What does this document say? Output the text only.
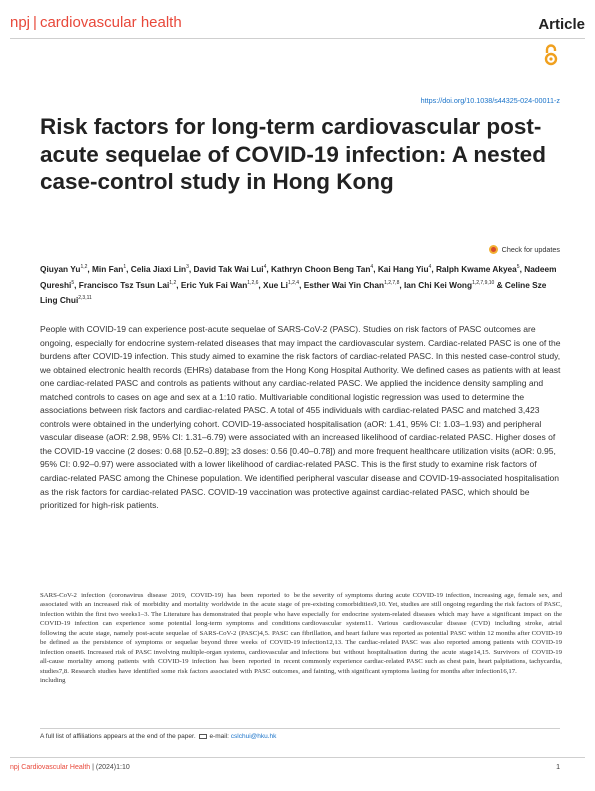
npj | cardiovascular health	Article
https://doi.org/10.1038/s44325-024-00011-z
Risk factors for long-term cardiovascular post-acute sequelae of COVID-19 infection: A nested case-control study in Hong Kong
Check for updates
Qiuyan Yu$^{1,2}$, Min Fan$^1$, Celia Jiaxi Lin$^3$, David Tak Wai Lui$^4$, Kathryn Choon Beng Tan$^4$, Kai Hang Yiu$^4$, Ralph Kwame Akyea$^5$, Nadeem Qureshi$^5$, Francisco Tsz Tsun Lai$^{1,2}$, Eric Yuk Fai Wan$^{1,2,6}$, Xue Li$^{1,2,4}$, Esther Wai Yin Chan$^{1,2,7,8}$, Ian Chi Kei Wong$^{1,2,7,9,10}$ & Celine Sze Ling Chui$^{2,3,11}$

People with COVID-19 can experience post-acute sequelae of SARS-CoV-2 (PASC). Studies on risk factors of PASC outcomes are ongoing, especially for endocrine system-related diseases that may impact the cardiovascular system. Cardiac-related PASC is one of the burdens after COVID-19 infection. This study aimed to examine the risk factors of cardiac-related PASC. In this nested case-control study, we obtained electronic health records (EHRs) database from the Hong Kong Hospital Authority. We defined cases as patients with at least one cardiac-related PASC and controls as patients without any cardiac-related PASC. We applied the incidence density sampling and matched controls to cases on age and sex at a 1:10 ratio. Multivariable conditional logistic regression was used to determine the associations between risk factors and cardiac-related PASC. A total of 455 individuals with cardiac-related PASC and matched 3,423 controls were obtained in the underlying cohort. COVID-19-associated hospitalisation (aOR: 1.41, 95% CI: 1.03–1.93) and peripheral vascular disease (aOR: 2.98, 95% CI: 1.31–6.79) were associated with an increased likelihood of cardiac-related PASC. Higher doses of the COVID-19 vaccine (2 doses: 0.68 [0.52–0.89]; ≥3 doses: 0.56 [0.40–0.78]) and more frequent healthcare utilization visits (aOR: 0.95, 95% CI: 0.92–0.97) were associated with a lower likelihood of cardiac-related PASC. This is the first study to examine risk factors of cardiac-related PASC among the Chinese population. We identified peripheral vascular disease and COVID-19-associated hospitalisation as the risk factors for cardiac-related PASC. COVID-19 vaccination was protective against cardiac-related PASC, which should be prioritized for high-risk patients.

SARS-CoV-2 infection (coronavirus disease 2019, COVID-19) has been reported to be associated with an increased risk of morbidity and mortality worldwide in the acute stage of infection within the first two weeks1–3. The Literature has demonstrated that people who have COVID-19 infection can experience some potential long-term symptoms and conditions following the acute stage, namely post-acute sequelae of SARS-CoV-2 (PASC)4,5. PASC can be defined as the persistence of symptoms or sequelae beyond three weeks of COVID-19 infection onset6. Increased risk of PASC involving multiple-organ systems, cardiovascular and all-cause mortality among patients with COVID-19 infection has been reported in recent studies7,8. Research studies have identified some risk factors associated with PASC outcomes, including

the severity of symptoms during acute COVID-19 infection, increasing age, female sex, and pre-existing comorbidities9,10. Yet, studies are still ongoing regarding the risk factors of PASC, especially for endocrine system-related diseases which may have a significant impact on the cardiovascular system11. Various cardiovascular disease (CVD) including stroke, atrial fibrillation, and heart failure was reported as potential PASC within 12 months after COVID-19 infection12,13. The cardiac-related PASC was also reported among patients with COVID-19 infections but without hospitalisation during the acute stage14,15. Survivors of COVID-19 commonly experience cardiac-related PASC such as chest pain, heart palpitations, tachycardia, and fainting, with significant symptoms lasting for months after infection16,17.

A full list of affiliations appears at the end of the paper. e-mail: cslchui@hku.hk
npj Cardiovascular Health | (2024)1:10	1
